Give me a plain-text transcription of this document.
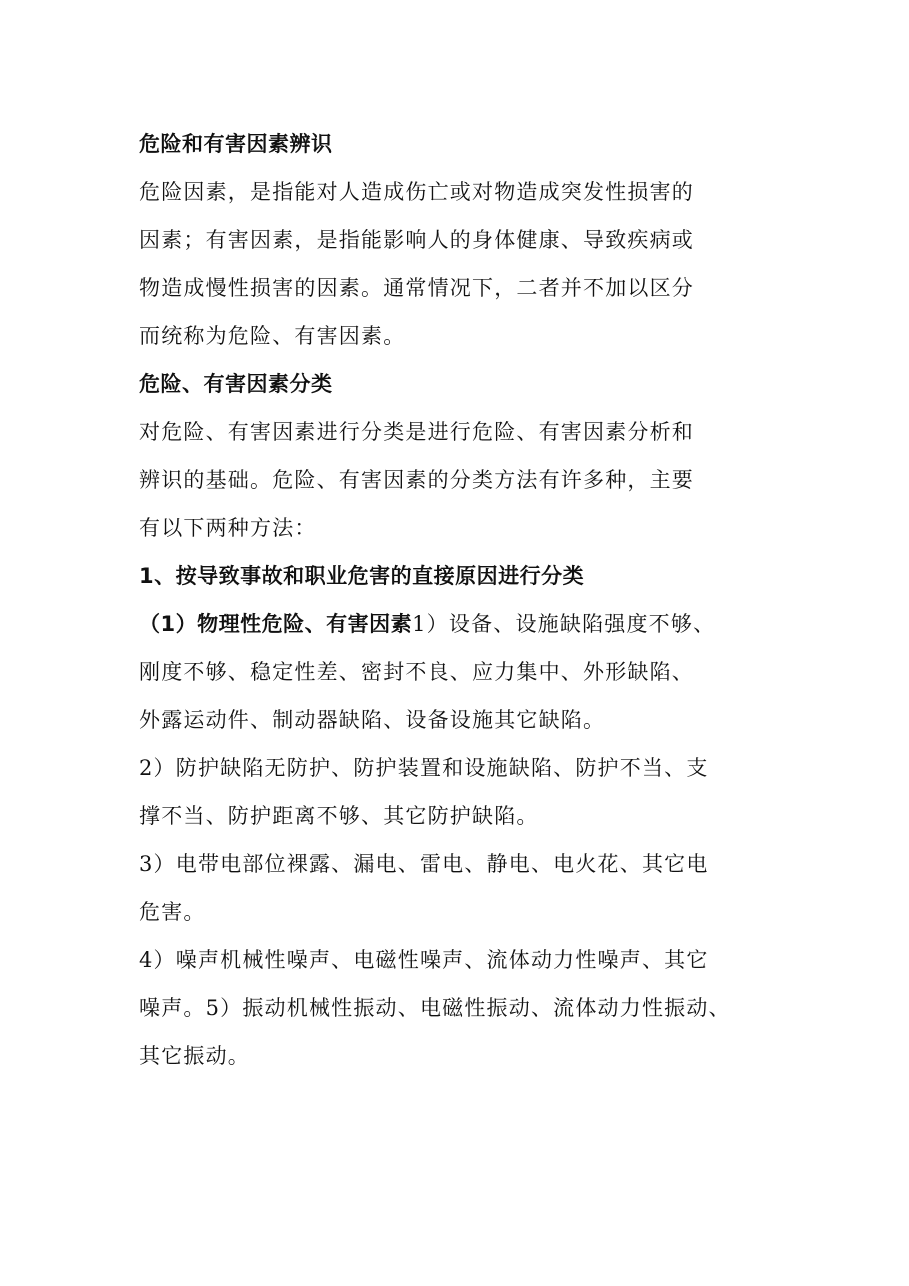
危险和有害因素辨识
危险因素，是指能对人造成伤亡或对物造成突发性损害的
因素；有害因素，是指能影响人的身体健康、导致疾病或
物造成慢性损害的因素。通常情况下，二者并不加以区分
而统称为危险、有害因素。
危险、有害因素分类
对危险、有害因素进行分类是进行危险、有害因素分析和
辨识的基础。危险、有害因素的分类方法有许多种，主要
有以下两种方法：
1、按导致事故和职业危害的直接原因进行分类
（1）物理性危险、有害因素1）设备、设施缺陷强度不够、
刚度不够、稳定性差、密封不良、应力集中、外形缺陷、
外露运动件、制动器缺陷、设备设施其它缺陷。
2）防护缺陷无防护、防护装置和设施缺陷、防护不当、支
撑不当、防护距离不够、其它防护缺陷。
3）电带电部位裸露、漏电、雷电、静电、电火花、其它电
危害。
4）噪声机械性噪声、电磁性噪声、流体动力性噪声、其它
噪声。5）振动机械性振动、电磁性振动、流体动力性振动、
其它振动。
